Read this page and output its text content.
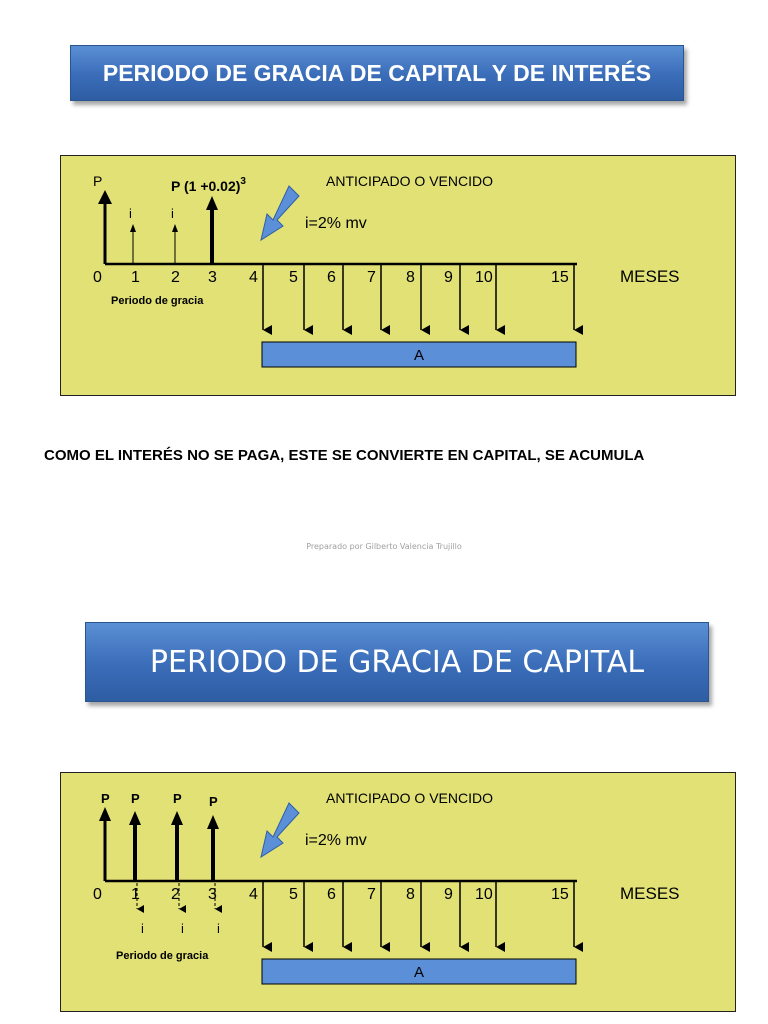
PERIODO DE GRACIA DE CAPITAL Y DE INTERÉS
P	P $(1 +0.02)^3$
i	i
ANTICIPADO O VENCIDO
i=2% mv
0 1 2 3 4 5 6 7 8 9 10	15	MESES
Periodo de gracia
A
COMO EL INTERÉS NO SE PAGA, ESTE SE CONVIERTE EN CAPITAL, SE ACUMULA
Preparado por Gilberto Valencia Trujillo
PERIODO DE GRACIA DE CAPITAL
P P	P P
i	i	i
ANTICIPADO O VENCIDO
i=2% mv
0 1 2 3 4 5 6 7 8 9 10	15	MESES
Periodo de gracia
A
